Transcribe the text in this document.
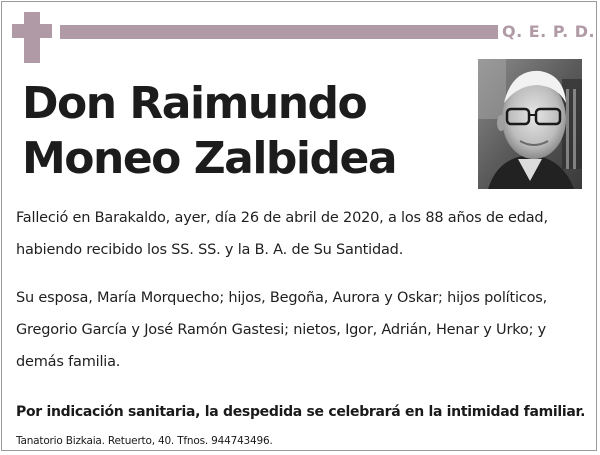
Q. E. P. D.
Don Raimundo
Moneo Zalbidea
Falleció en Barakaldo, ayer, día 26 de abril de 2020, a los 88 años de edad, habiendo recibido los SS. SS. y la B. A. de Su Santidad.
Su esposa, María Morquecho; hijos, Begoña, Aurora y Oskar; hijos políticos, Gregorio García y José Ramón Gastesi; nietos, Igor, Adrián, Henar y Urko; y demás familia.
Por indicación sanitaria, la despedida se celebrará en la intimidad familiar.
Tanatorio Bizkaia. Retuerto, 40. Tfnos. 944743496.
